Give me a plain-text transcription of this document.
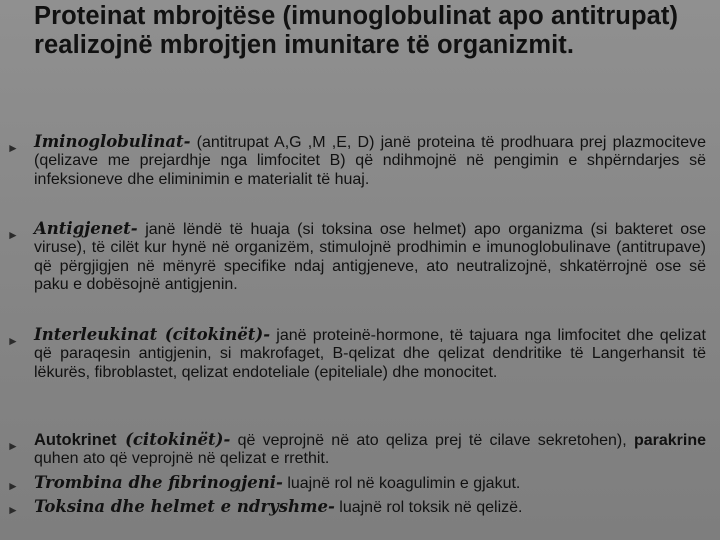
Proteinat mbrojtëse (imunoglobulinat apo antitrupat) realizojnë mbrojtjen imunitare të organizmit.
► Iminoglobulinat- (antitrupat A,G ,M ,E, D) janë proteina të prodhuara prej plazmociteve (qelizave me prejardhje nga limfocitet B) që ndihmojnë në pengimin e shpërndarjes së infeksioneve dhe eliminimin e materialit të huaj.
► Antigjenet- janë lëndë të huaja (si toksina ose helmet) apo organizma (si bakteret ose viruse), të cilët kur hynë në organizëm, stimulojnë prodhimin e imunoglobulinave (antitrupave) që përgjigjen në mënyrë specifike ndaj antigjeneve, ato neutralizojnë, shkatërrojnë ose së paku e dobësojnë antigjenin.
► Interleukinat (citokinët)- janë proteinë-hormone, të tajuara nga limfocitet dhe qelizat që paraqesin antigjenin, si makrofaget, B-qelizat dhe qelizat dendritike të Langerhansit të lëkurës, fibroblastet, qelizat endoteliale (epiteliale) dhe monocitet.
► Autokrinet (citokinët)- që veprojnë në ato qeliza prej të cilave sekretohen), parakrine quhen ato që veprojnë në qelizat e rrethit.
► Trombina dhe fibrinogjeni- luajnë rol në koagulimin e gjakut.
► Toksina dhe helmet e ndryshme- luajnë rol toksik në qelizë.
